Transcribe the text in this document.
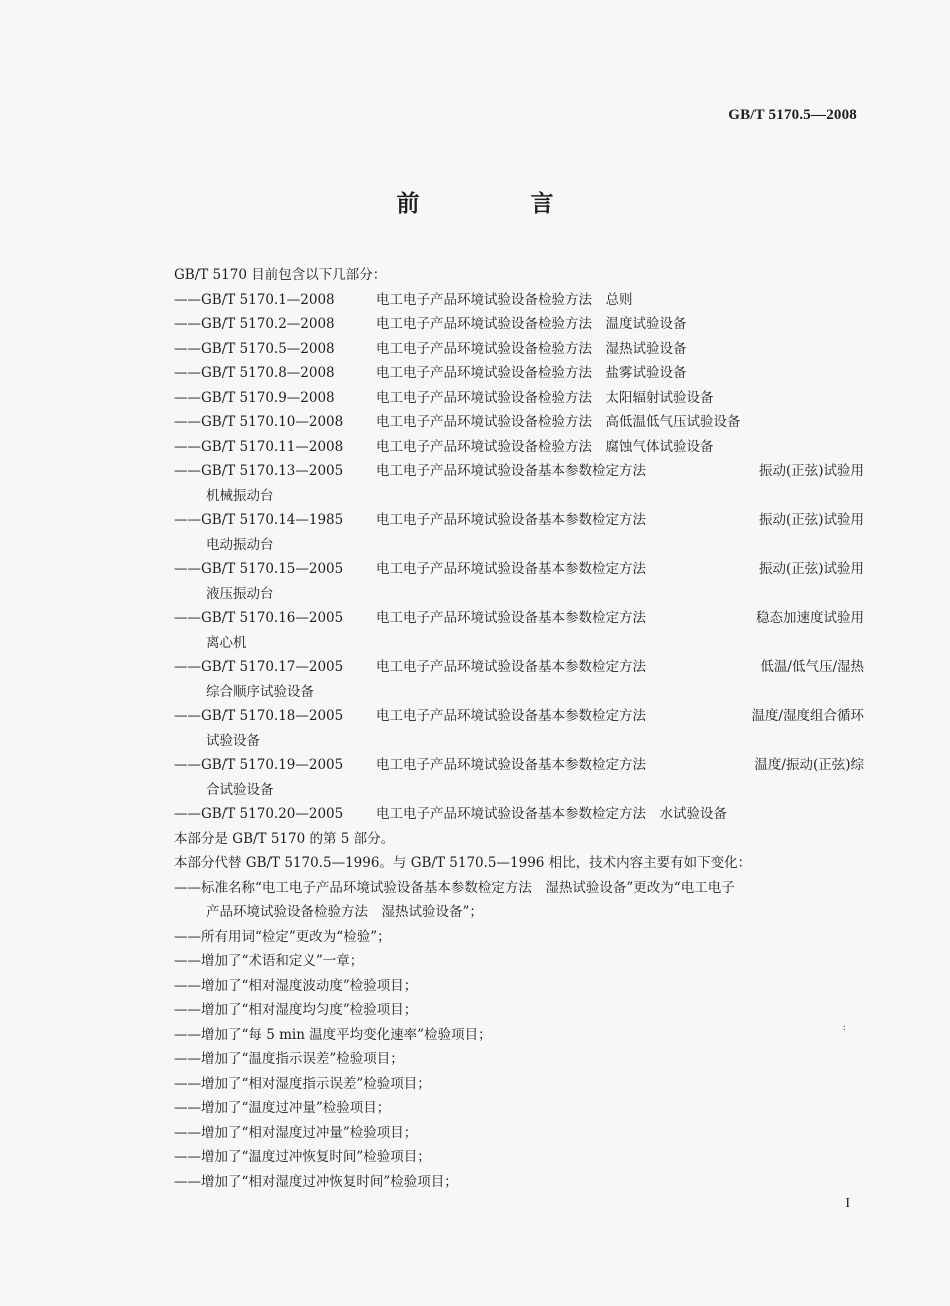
GB/T 5170.5—2008
前　言
GB/T 5170 目前包含以下几部分：
——GB/T 5170.1—2008	电工电子产品环境试验设备检验方法　总则
——GB/T 5170.2—2008	电工电子产品环境试验设备检验方法　温度试验设备
——GB/T 5170.5—2008	电工电子产品环境试验设备检验方法　湿热试验设备
——GB/T 5170.8—2008	电工电子产品环境试验设备检验方法　盐雾试验设备
——GB/T 5170.9—2008	电工电子产品环境试验设备检验方法　太阳辐射试验设备
——GB/T 5170.10—2008	电工电子产品环境试验设备检验方法　高低温低气压试验设备
——GB/T 5170.11—2008	电工电子产品环境试验设备检验方法　腐蚀气体试验设备
——GB/T 5170.13—2005	电工电子产品环境试验设备基本参数检定方法	振动(正弦)试验用
机械振动台
——GB/T 5170.14—1985	电工电子产品环境试验设备基本参数检定方法	振动(正弦)试验用
电动振动台
——GB/T 5170.15—2005	电工电子产品环境试验设备基本参数检定方法	振动(正弦)试验用
液压振动台
——GB/T 5170.16—2005	电工电子产品环境试验设备基本参数检定方法	稳态加速度试验用
离心机
——GB/T 5170.17—2005	电工电子产品环境试验设备基本参数检定方法	低温/低气压/湿热
综合顺序试验设备
——GB/T 5170.18—2005	电工电子产品环境试验设备基本参数检定方法	温度/湿度组合循环
试验设备
——GB/T 5170.19—2005	电工电子产品环境试验设备基本参数检定方法	温度/振动(正弦)综
合试验设备
——GB/T 5170.20—2005	电工电子产品环境试验设备基本参数检定方法　水试验设备
本部分是 GB/T 5170 的第 5 部分。
本部分代替 GB/T 5170.5—1996。与 GB/T 5170.5—1996 相比，技术内容主要有如下变化：
——标准名称“电工电子产品环境试验设备基本参数检定方法　湿热试验设备”更改为“电工电子
产品环境试验设备检验方法　湿热试验设备”；
——所有用词“检定”更改为“检验”；
——增加了“术语和定义”一章；
——增加了“相对湿度波动度”检验项目；
——增加了“相对湿度均匀度”检验项目；
——增加了“每 5 min 温度平均变化速率”检验项目；
——增加了“温度指示误差”检验项目；
——增加了“相对湿度指示误差”检验项目；
——增加了“温度过冲量”检验项目；
——增加了“相对湿度过冲量”检验项目；
——增加了“温度过冲恢复时间”检验项目；
——增加了“相对湿度过冲恢复时间”检验项目；
:
I
